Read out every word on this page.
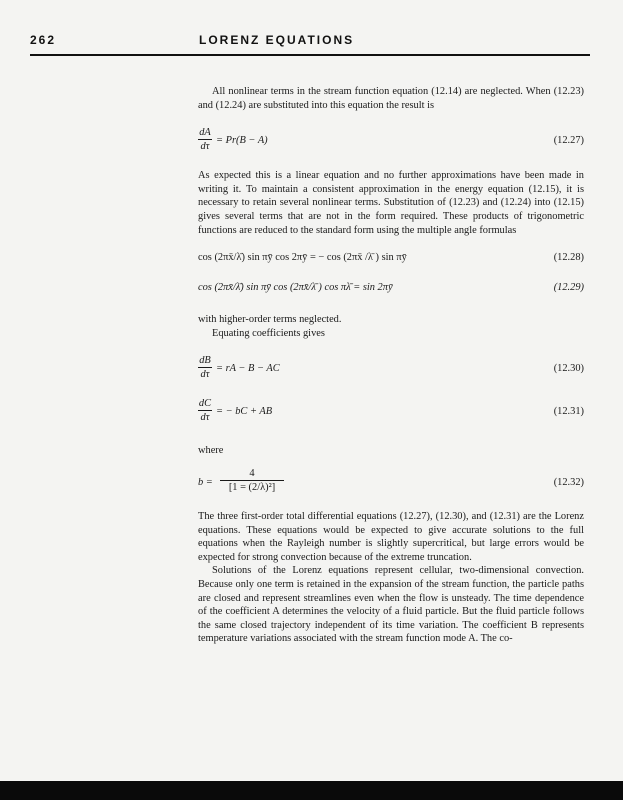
262	LORENZ EQUATIONS

All nonlinear terms in the stream function equation (12.14) are neglected. When (12.23) and (12.24) are substituted into this equation the result is

$\frac{dA}{d\tau} = Pr(B - A)$	(12.27)

As expected this is a linear equation and no further approximations have been made in writing it. To maintain a consistent approximation in the energy equation (12.15), it is necessary to retain several nonlinear terms. Substitution of (12.23) and (12.24) into (12.15) gives several terms that are not in the form required. These products of trigonometric functions are reduced to the standard form using the multiple angle formulas

cos (2πx̄/λ̄) sin πȳ cos 2πȳ = − cos (2πx̄ /λ̄ ) sin πȳ	(12.28)
cos (2πx̄/λ̄) sin πȳ cos (2πx̄/λ̄ ) cos πλ̄ = sin 2πȳ	(12.29)

with higher-order terms neglected.

Equating coefficients gives

$\frac{dB}{d\tau}$ = rA − B − AC	(12.30)
$\frac{dC}{d\tau}$ = − bC + AB	(12.31)

where

$b = \frac{4}{\text{[1 = (2/λ)²]}}$	(12.32)

The three first-order total differential equations (12.27), (12.30), and (12.31) are the Lorenz equations. These equations would be expected to give accurate solutions to the full equations when the Rayleigh number is slightly supercritical, but large errors would be expected for strong convection because of the extreme truncation.

Solutions of the Lorenz equations represent cellular, two-dimensional convection. Because only one term is retained in the expansion of the stream function, the particle paths are closed and represent streamlines even when the flow is unsteady. The time dependence of the coefficient A determines the velocity of a fluid particle. But the fluid particle follows the same closed trajectory independent of its time variation. The coefficient B represents temperature variations associated with the stream function mode A. The co-
